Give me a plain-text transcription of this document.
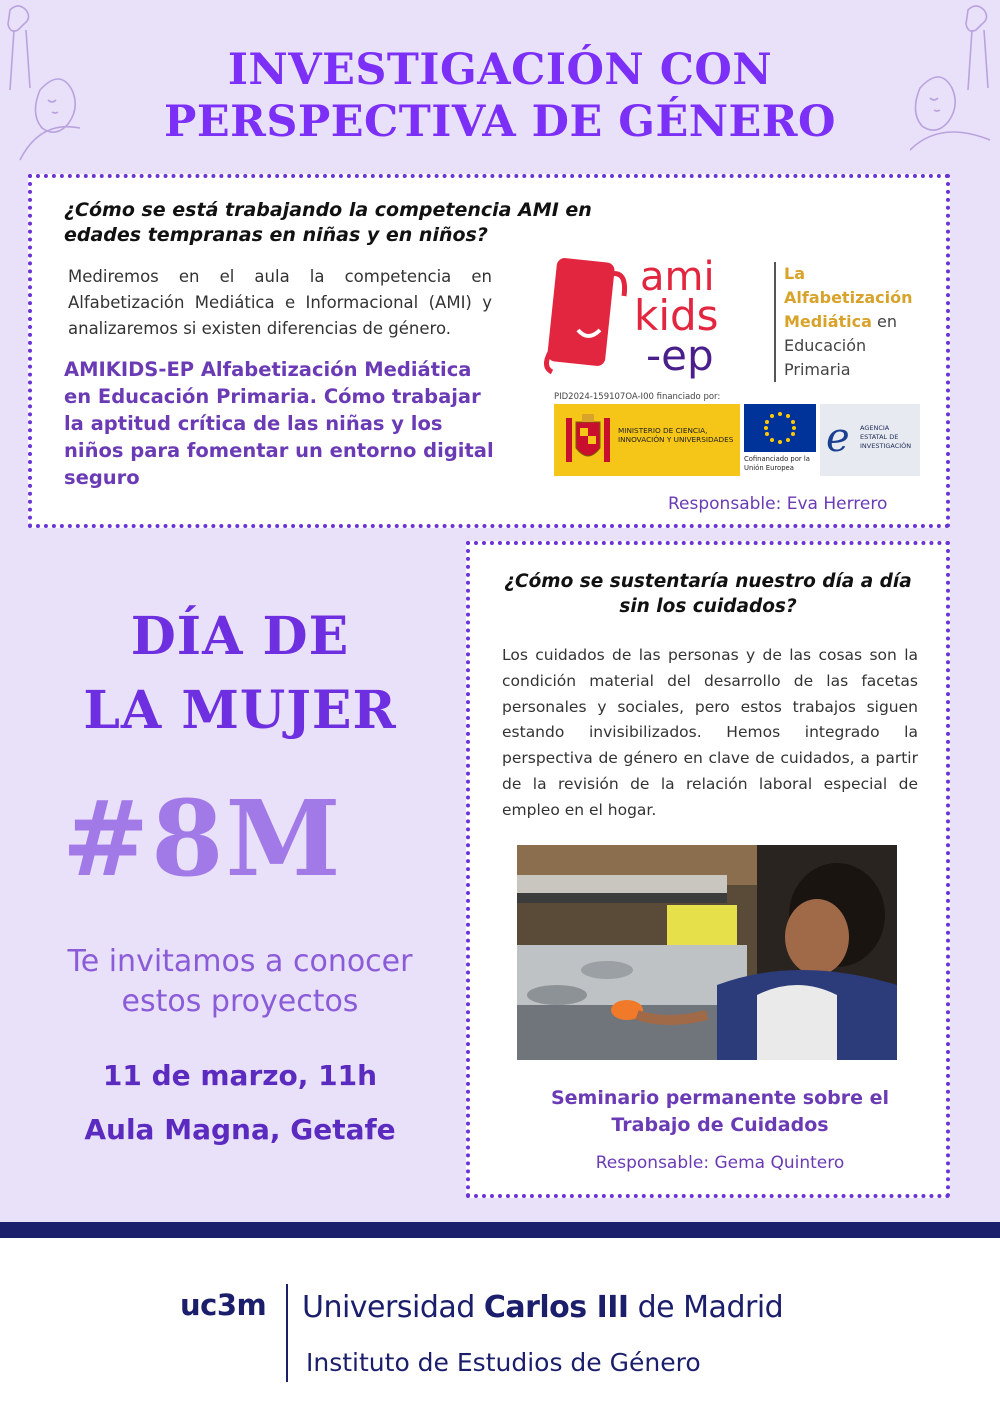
INVESTIGACIÓN CON
PERSPECTIVA DE GÉNERO
¿Cómo se está trabajando la competencia AMI en edades tempranas en niñas y en niños?
Mediremos en el aula la competencia en Alfabetización Mediática e Informacional (AMI) y analizaremos si existen diferencias de género.
AMIKIDS-EP Alfabetización Mediática en Educación Primaria. Cómo trabajar la aptitud crítica de las niñas y los niños para fomentar un entorno digital seguro
ami
kids
-ep
La
Alfabetización
Mediática en
Educación
Primaria
PID2024-159107OA-I00 financiado por:
MINISTERIO DE CIENCIA, INNOVACIÓN Y UNIVERSIDADES
Cofinanciado por la Unión Europea
e	AGENCIA ESTATAL DE INVESTIGACIÓN
Responsable: Eva Herrero
DÍA DE
LA MUJER
#8M
Te invitamos a conocer estos proyectos
11 de marzo, 11h
Aula Magna, Getafe
¿Cómo se sustentaría nuestro día a día sin los cuidados?
Los cuidados de las personas y de las cosas son la condición material del desarrollo de las facetas personales y sociales, pero estos trabajos siguen estando invisibilizados. Hemos integrado la perspectiva de género en clave de cuidados, a partir de la revisión de la relación laboral especial de empleo en el hogar.
Seminario permanente sobre el Trabajo de Cuidados
Responsable: Gema Quintero
uc3m Universidad Carlos III de Madrid
Instituto de Estudios de Género
